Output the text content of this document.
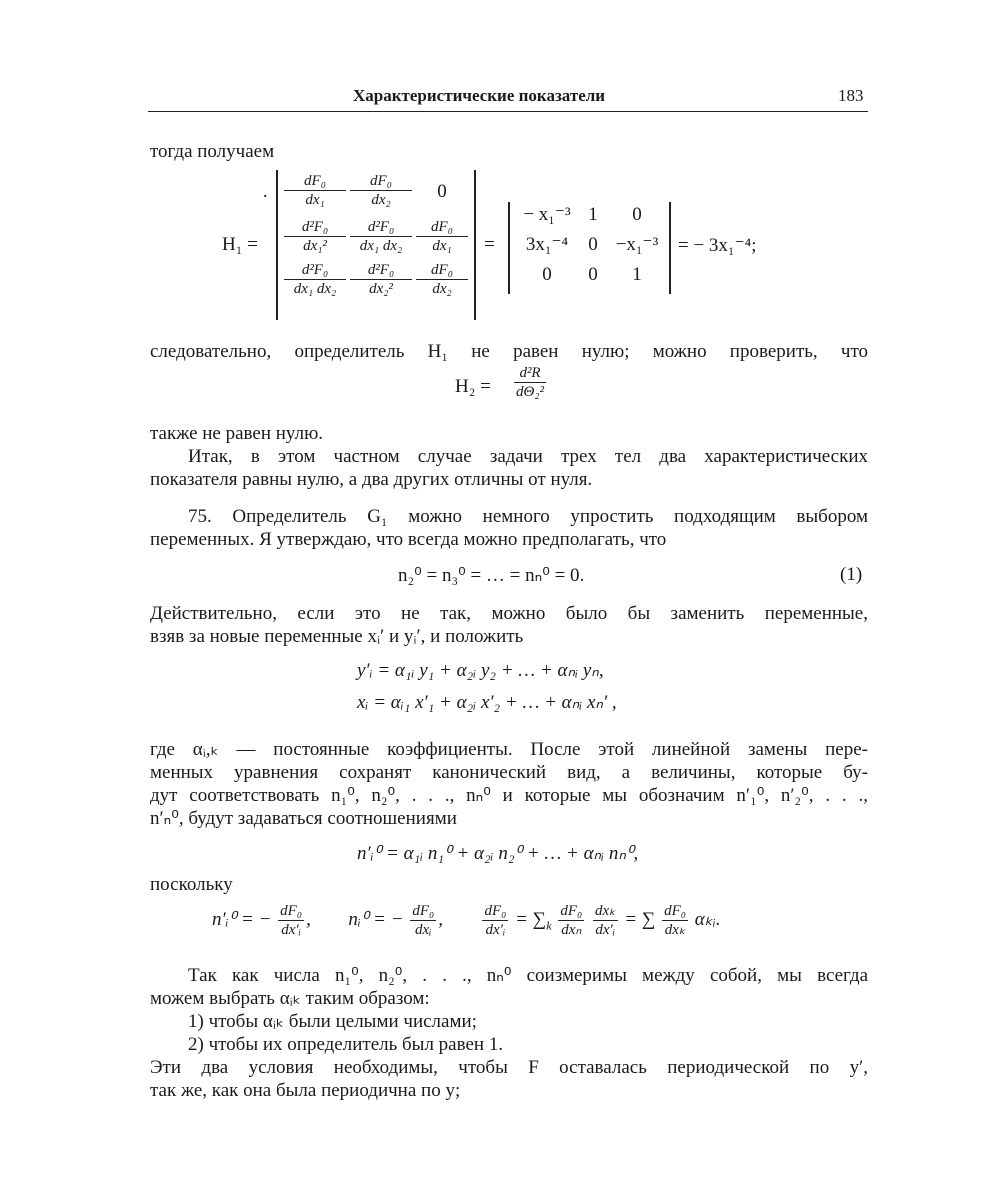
Характеристические показатели	183
тогда получаем
H₁ =
· $\frac{\text{dF₀}}{\text{dx₁}} \frac{\text{dF₀}}{\text{dx₂}}$	0
$\frac{\text{d²F₀}}{\text{dx₁²}} \frac{\text{d²F₀}}{\text{dx₁ dx₂}} \frac{\text{dF₀}}{\text{dx₁}}$
$\frac{\text{d²F₀}}{\text{dx₁ dx₂}} \frac{\text{d²F₀}}{\text{dx₂²}} \frac{\text{dF₀}}{\text{dx₂}}$
=
− x₁⁻³ 1	0
3x₁⁻⁴	0 −x₁⁻³
0	0	1
= − 3x₁⁻⁴;
следовательно, определитель H₁ не равен нулю; можно проверить, что
$H_2 = \frac{\text{d²R}}{\text{dΘ₂²}}$
также не равен нулю.
Итак, в этом частном случае задачи трех тел два характеристических
показателя равны нулю, а два других отличны от нуля.
75. Определитель G₁ можно немного упростить подходящим выбором
переменных. Я утверждаю, что всегда можно предполагать, что
n₂⁰ = n₃⁰ = … = nₙ⁰ = 0.	(1)
Действительно, если это не так, можно было бы заменить переменные,
взяв за новые переменные xᵢ′ и yᵢ′, и положить
y′ᵢ = α₁ᵢ y₁ + α₂ᵢ y₂ + … + αₙᵢ yₙ,
xᵢ = αᵢ₁ x′₁ + α₂ᵢ x′₂ + … + αₙᵢ xₙ′ ,
где αᵢ,ₖ — постоянные коэффициенты. После этой линейной замены пере-
менных уравнения сохранят канонический вид, а величины, которые бу-
дут соответствовать n₁⁰, n₂⁰, . . ., nₙ⁰ и которые мы обозначим n′₁⁰, n′₂⁰, . . .,
n′ₙ⁰, будут задаваться соотношениями
n′ᵢ⁰ = α₁ᵢ n₁⁰ + α₂ᵢ n₂⁰ + … + αₙᵢ nₙ⁰,
поскольку
n′ᵢ⁰ = − $\frac{\text{dF₀}}{\text{dx′ᵢ}}$ , nᵢ⁰ = − $\frac{\text{dF₀}}{\text{dxᵢ}}$ ,	$\frac{\text{dF₀}}{\text{dx′ᵢ}} = \sum_k \frac{\text{dF₀}}{\text{dxₙ}}$
$\frac{\text{dxₖ}}{\text{dx′ᵢ}}$ = ∑ $\frac{\text{dF₀}}{\text{dxₖ}}$ αₖᵢ.
Так как числа n₁⁰, n₂⁰, . . ., nₙ⁰ соизмеримы между собой, мы всегда
можем выбрать αᵢₖ таким образом:
1) чтобы αᵢₖ были целыми числами;
2) чтобы их определитель был равен 1.
Эти два условия необходимы, чтобы F оставалась периодической по y′,
так же, как она была периодична по y;
